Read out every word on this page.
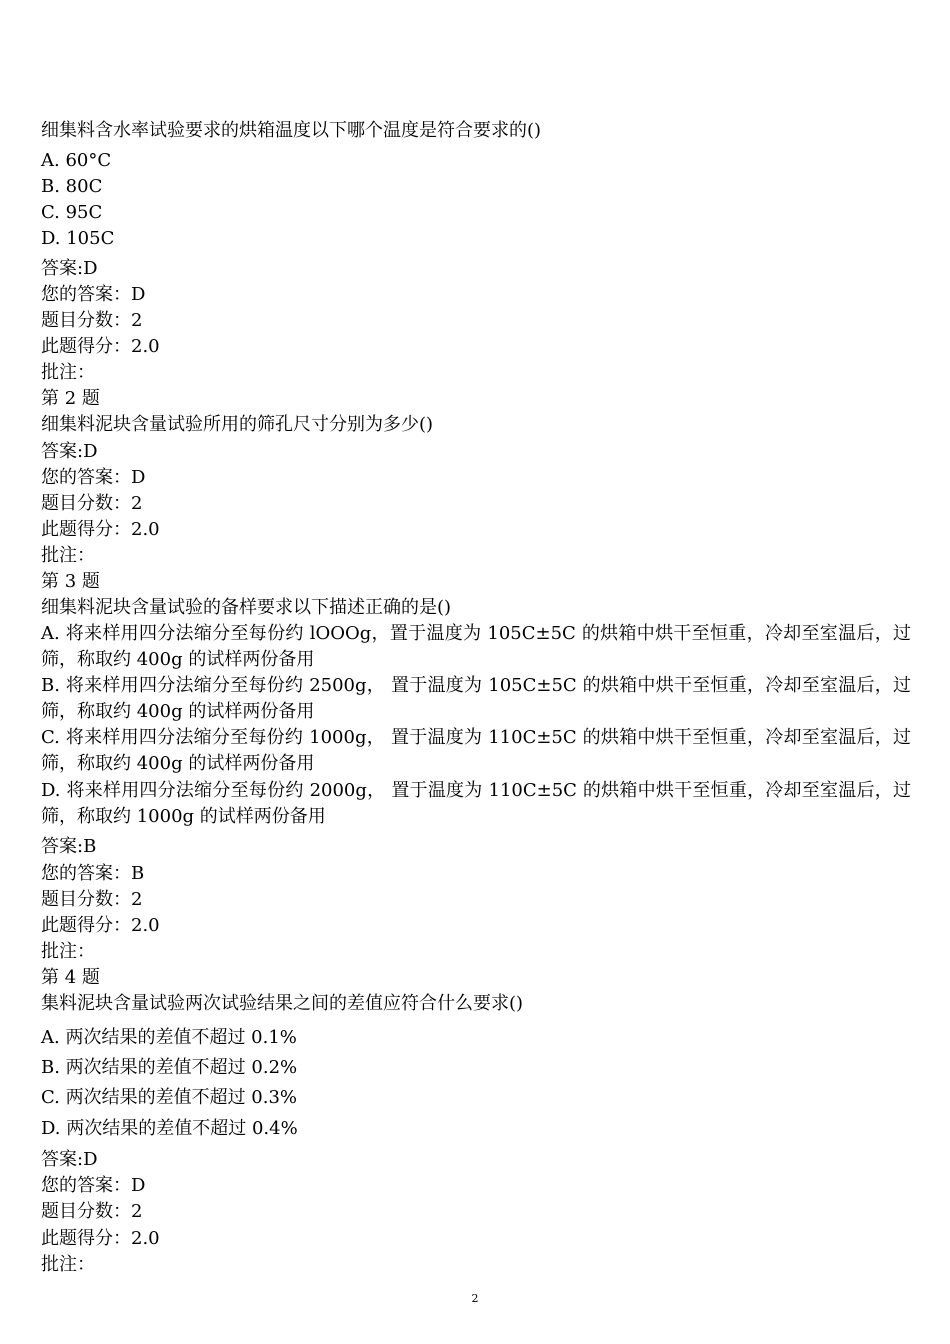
细集料含水率试验要求的烘箱温度以下哪个温度是符合要求的()
A. 60°C
B. 80C
C. 95C
D. 105C
答案:D
您的答案：D
题目分数：2
此题得分：2.0
批注：
第 2 题
细集料泥块含量试验所用的筛孔尺寸分别为多少()
答案:D
您的答案：D
题目分数：2
此题得分：2.0
批注：
第 3 题
细集料泥块含量试验的备样要求以下描述正确的是()
A. 将来样用四分法缩分至每份约 lOOOg，置于温度为 105C±5C 的烘箱中烘干至恒重，冷却至室温后，过筛，称取约 400g 的试样两份备用
B. 将来样用四分法缩分至每份约 2500g， 置于温度为 105C±5C 的烘箱中烘干至恒重，冷却至室温后，过筛，称取约 400g 的试样两份备用
C. 将来样用四分法缩分至每份约 1000g， 置于温度为 110C±5C 的烘箱中烘干至恒重，冷却至室温后，过筛，称取约 400g 的试样两份备用
D. 将来样用四分法缩分至每份约 2000g， 置于温度为 110C±5C 的烘箱中烘干至恒重，冷却至室温后，过筛，称取约 1000g 的试样两份备用
答案:B
您的答案：B
题目分数：2
此题得分：2.0
批注：
第 4 题
集料泥块含量试验两次试验结果之间的差值应符合什么要求()
A. 两次结果的差值不超过 0.1%
B. 两次结果的差值不超过 0.2%
C. 两次结果的差值不超过 0.3%
D. 两次结果的差值不超过 0.4%
答案:D
您的答案：D
题目分数：2
此题得分：2.0
批注：
2
